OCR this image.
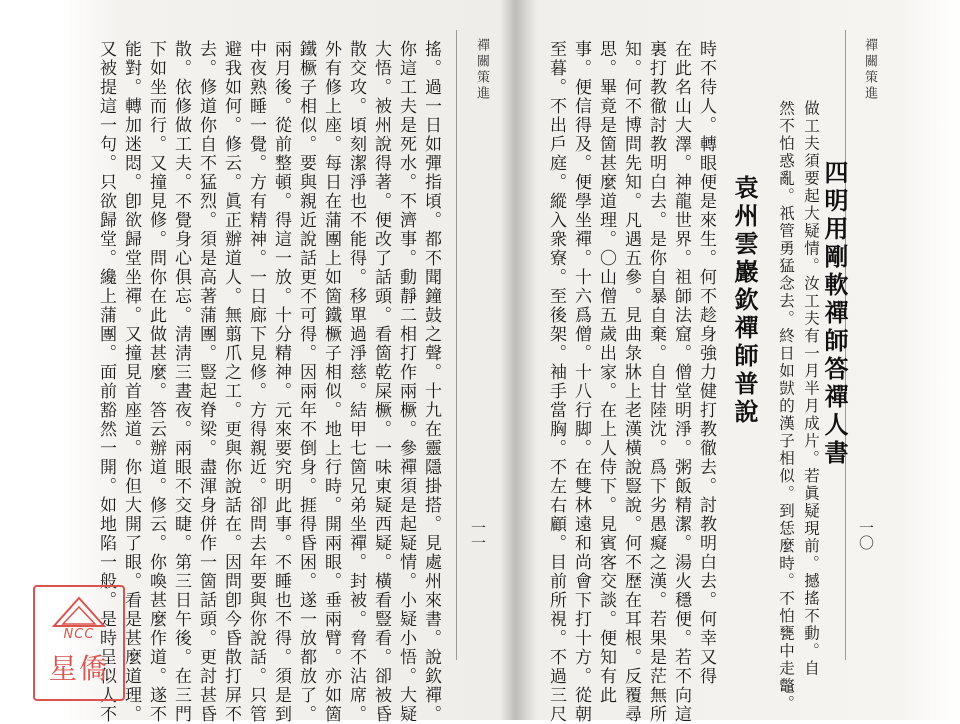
禪關策進
一一
搖。過一日如彈指頃。都不聞鐘鼓之聲。十九在靈隱掛搭。見處州來書。說欽禪。
你這工夫是死水。不濟事。動靜二相打作兩橛。參禪須是起疑情。小疑小悟。大疑
大悟。被州說得著。便改了話頭。看箇乾屎橛。一味東疑西疑。橫看豎看。卻被昏
散交攻。頃刻潔淨也不能得。移單過淨慈。結甲七箇兄弟坐禪。封被。脅不沾席。
外有修上座。每日在蒲團上如箇鐵橛子相似。地上行時。開兩眼。垂兩臂。亦如箇
鐵橛子相似。要與親近說話更不可得。因兩年不倒身。捱得昏困。遂一放都放了。
兩月後。從前整頓。得這一放。十分精神。元來要究明此事。不睡也不得。須是到
中夜熟睡一覺。方有精神。一日廊下見修。方得親近。卻問去年要與你說話。只管
避我如何。修云。眞正辦道人。無翦爪之工。更與你說話在。因問卽今昏散打屏不
去。修道你自不猛烈。須是高著蒲團。豎起脊梁。盡渾身併作一箇話頭。更討甚昏
散。依修做工夫。不覺身心俱忘。淸淸三晝夜。兩眼不交睫。第三日午後。在三門
下如坐而行。又撞見修。問你在此做甚麼。答云辦道。修云。你喚甚麼作道。遂不
能對。轉加迷悶。卽欲歸堂坐禪。又撞見首座道。你但大開了眼。看是甚麼道理。
又被提這一句。只欲歸堂。纔上蒲團。面前豁然一開。如地陷一般。是時呈似人不	禪關策進
一〇
做工夫須要起大疑情。汝工夫有一月半月成片。若眞疑現前。撼搖不動。自
然不怕惑亂。祇管勇猛念去。終日如獃的漢子相似。到恁麼時。不怕甕中走鼈。 四明用剛軟禪師答禪人書
袁州雲巖欽禪師普說
時不待人。轉眼便是來生。何不趁身強力健打教徹去。討教明白去。何幸又得
在此名山大澤。神龍世界。祖師法窟。僧堂明淨。粥飯精潔。湯火穩便。若不向這
裏打教徹討教明白去。是你自暴自棄。自甘陸沈。爲下劣愚癡之漢。若果是茫無所
知。何不博問先知。凡遇五參。見曲彔牀上老漢橫說豎說。何不歷在耳根。反覆尋
思。畢竟是箇甚麼道理。〇山僧五歲出家。在上人侍下。見賓客交談。便知有此
事。便信得及。便學坐禪。十六爲僧。十八行脚。在雙林遠和尚會下打十方。從朝
至暮。不出戶庭。縱入衆寮。至後架。袖手當胸。不左右顧。目前所視。不過三尺
NCC
星僑
